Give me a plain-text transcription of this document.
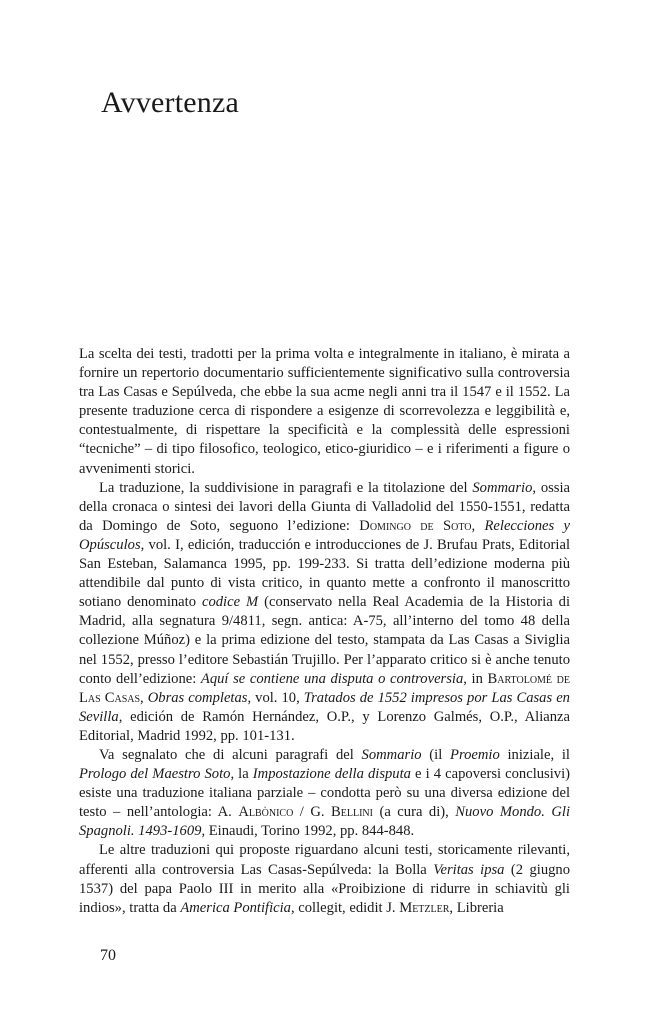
Avvertenza

La scelta dei testi, tradotti per la prima volta e integralmente in italiano, è mirata a fornire un repertorio documentario sufficientemente significativo sulla controversia tra Las Casas e Sepúlveda, che ebbe la sua acme negli anni tra il 1547 e il 1552. La presente traduzione cerca di rispondere a esigenze di scorrevolezza e leggibilità e, contestualmente, di rispettare la specificità e la complessità delle espressioni “tecniche” – di tipo filosofico, teologico, etico-giuridico – e i riferimenti a figure o avvenimenti storici.

La traduzione, la suddivisione in paragrafi e la titolazione del Sommario, ossia della cronaca o sintesi dei lavori della Giunta di Valladolid del 1550-1551, redatta da Domingo de Soto, seguono l’edizione: Domingo de Soto, Relecciones y Opúsculos, vol. I, edición, traducción e introducciones de J. Brufau Prats, Editorial San Esteban, Salamanca 1995, pp. 199-233. Si tratta dell’edizione moderna più attendibile dal punto di vista critico, in quanto mette a confronto il manoscritto sotiano denominato codice M (conservato nella Real Academia de la Historia di Madrid, alla segnatura 9/4811, segn. antica: A-75, all’interno del tomo 48 della collezione Múñoz) e la prima edizione del testo, stampata da Las Casas a Siviglia nel 1552, presso l’editore Sebastián Trujillo. Per l’apparato critico si è anche tenuto conto dell’edizione: Aquí se contiene una disputa o controversia, in Bartolomé de Las Casas, Obras completas, vol. 10, Tratados de 1552 impresos por Las Casas en Sevilla, edición de Ramón Hernández, O.P., y Lorenzo Galmés, O.P., Alianza Editorial, Madrid 1992, pp. 101-131.

Va segnalato che di alcuni paragrafi del Sommario (il Proemio iniziale, il Prologo del Maestro Soto, la Impostazione della disputa e i 4 capoversi conclusivi) esiste una traduzione italiana parziale – condotta però su una diversa edizione del testo – nell’antologia: A. Albònico / G. Bellini (a cura di), Nuovo Mondo. Gli Spagnoli. 1493-1609, Einaudi, Torino 1992, pp. 844-848.

Le altre traduzioni qui proposte riguardano alcuni testi, storicamente rilevanti, afferenti alla controversia Las Casas-Sepúlveda: la Bolla Veritas ipsa (2 giugno 1537) del papa Paolo III in merito alla «Proibizione di ridurre in schiavitù gli indios», tratta da America Pontificia, collegit, edidit J. Metzler, Libreria

70
